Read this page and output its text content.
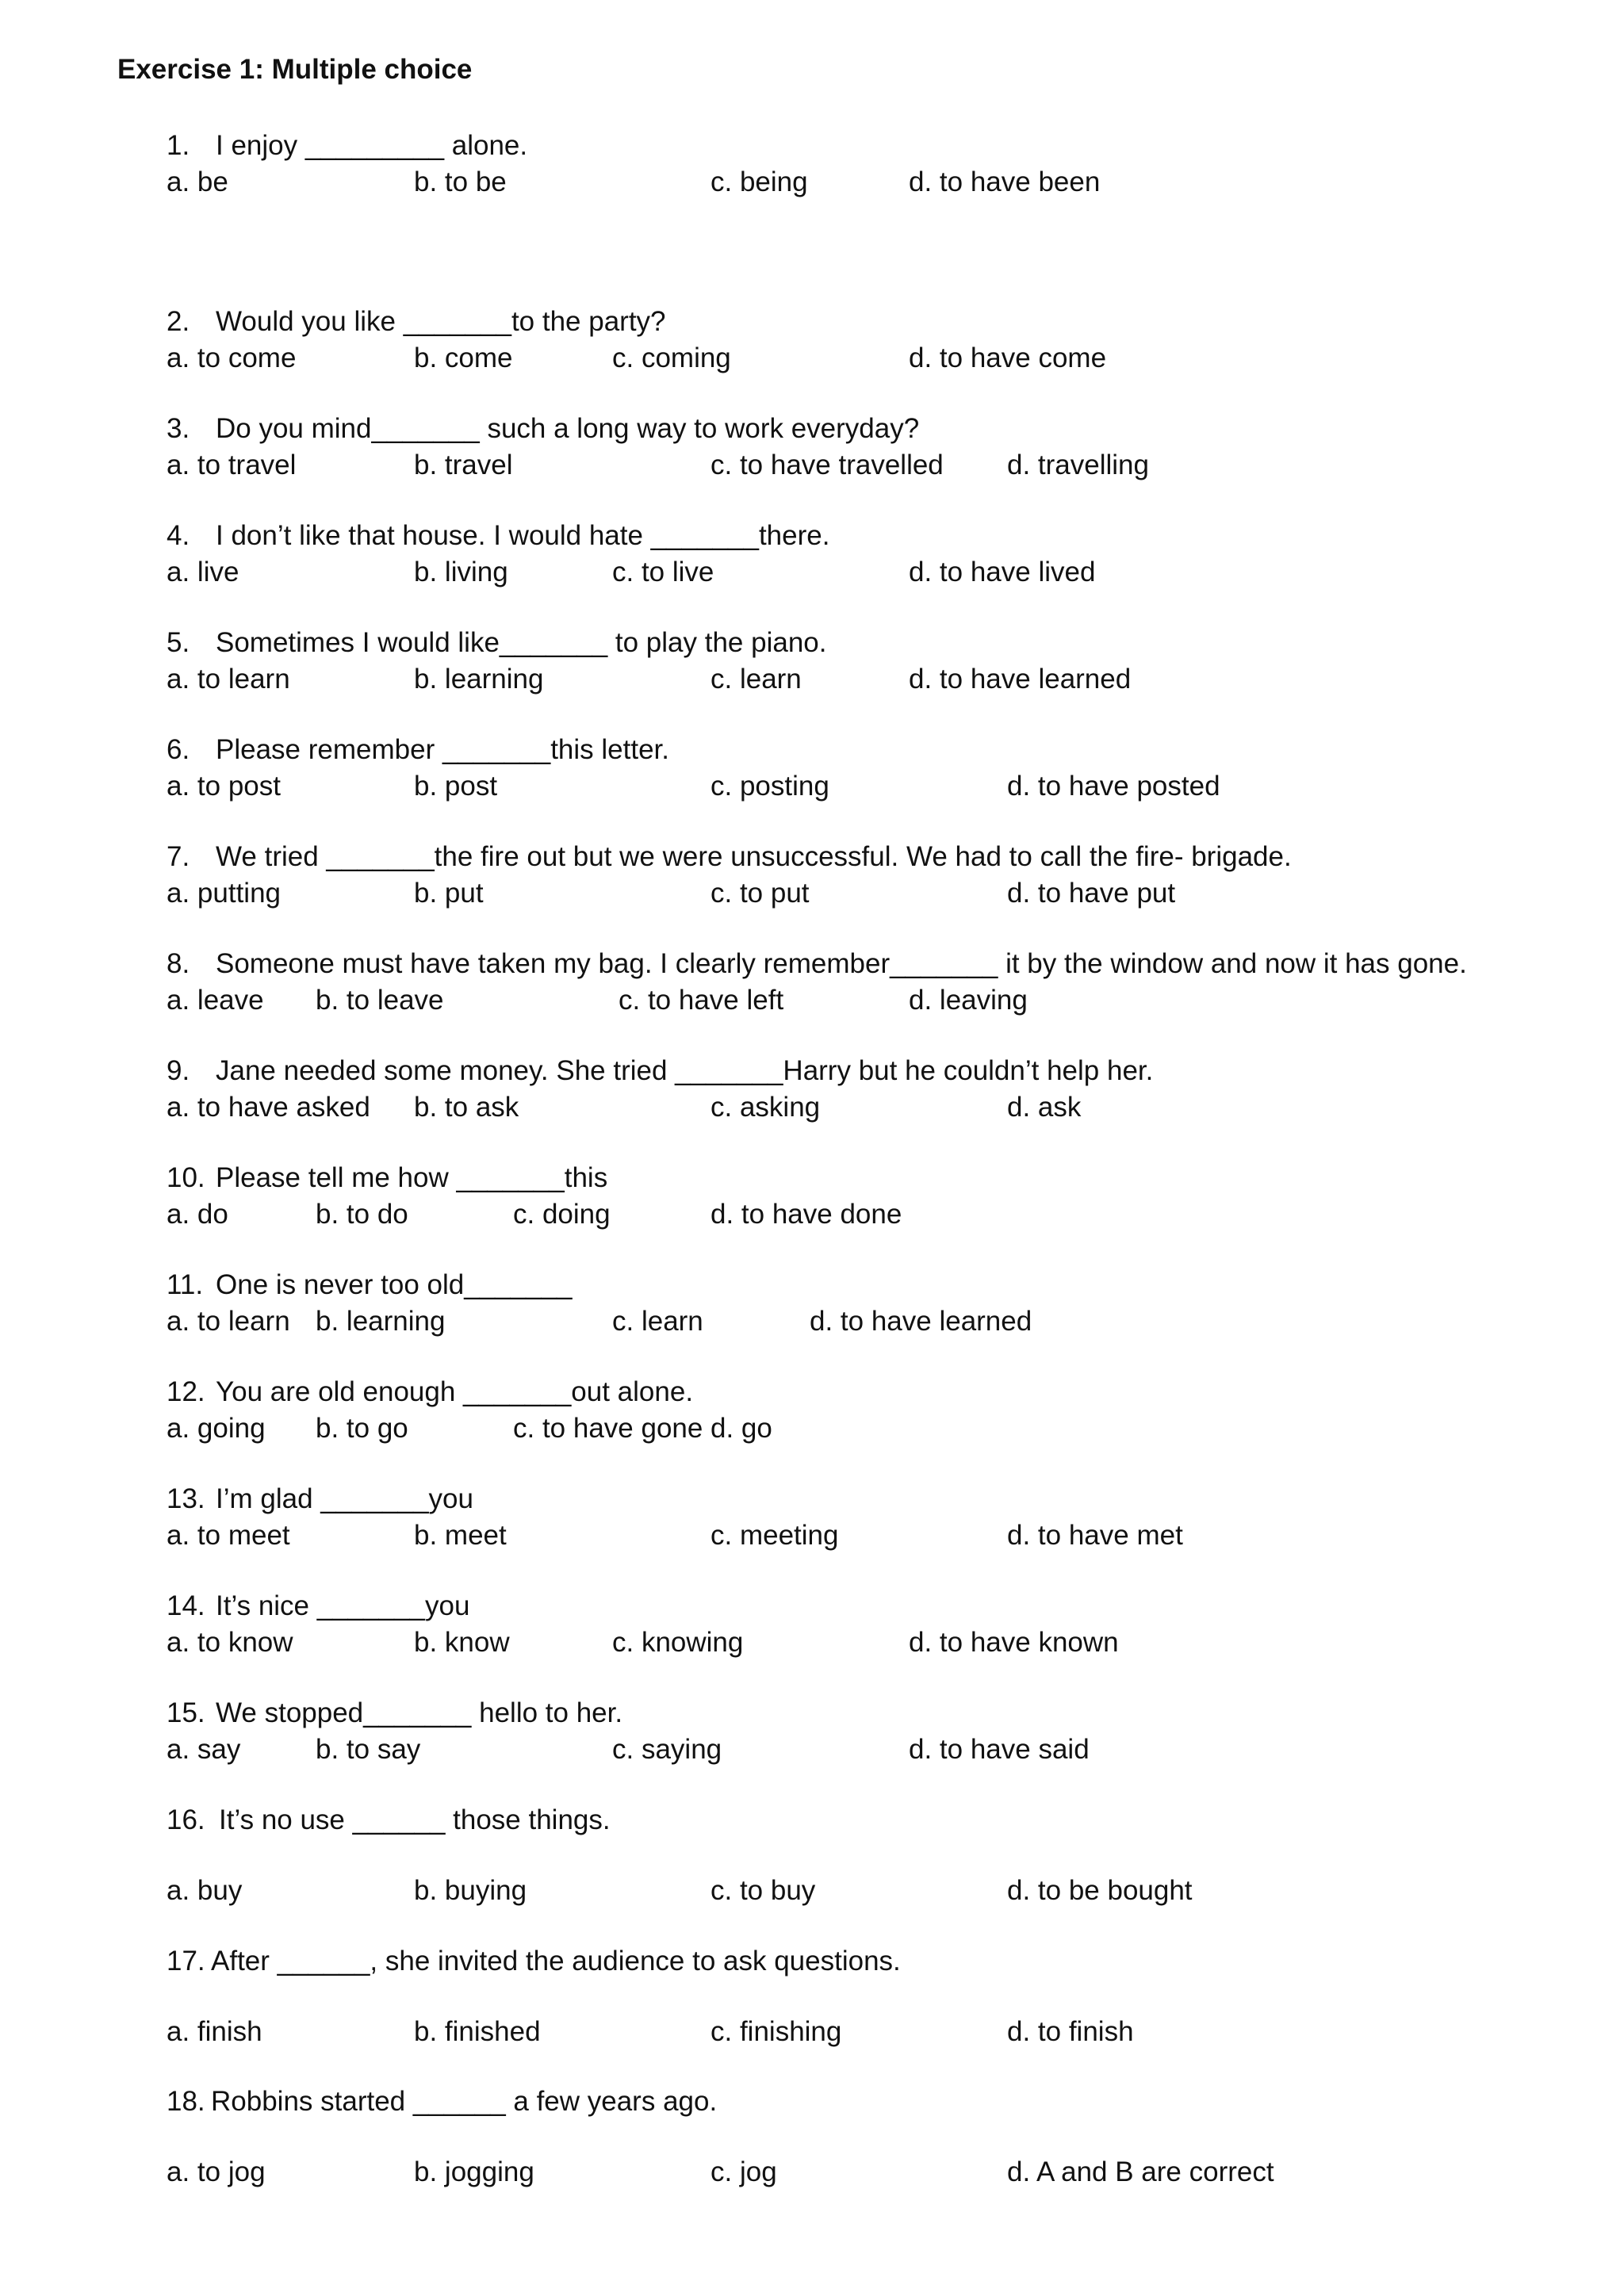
Exercise 1: Multiple choice
1. I enjoy _________ alone.
a. be	b. to be	c. being	d. to have been
2. Would you like _______to the party?
a. to come	b. come	c. coming	d. to have come
3. Do you mind_______ such a long way to work everyday?
a. to travel	b. travel	c. to have travelled d. travelling
4. I don’t like that house. I would hate _______there.
a. live	b. living	c. to live	d. to have lived
5. Sometimes I would like_______ to play the piano.
a. to learn	b. learning	c. learn	d. to have learned
6. Please remember _______this letter.
a. to post	b. post	c. posting	d. to have posted
7. We tried _______the fire out but we were unsuccessful. We had to call the fire- brigade.
a. putting	b. put	c. to put	d. to have put
8. Someone must have taken my bag. I clearly remember_______ it by the window and now it has gone.
a. leave b. to leave	c. to have left	d. leaving
9. Jane needed some money. She tried _______Harry but he couldn’t help her.
a. to have asked b. to ask	c. asking	d. ask
10. Please tell me how _______this
a. do	b. to do	c. doing	d. to have done
11. One is never too old_______
a. to learn b. learning	c. learn	d. to have learned
12. You are old enough _______out alone.
a. going b. to go	c. to have gone d. go
13. I’m glad _______you
a. to meet	b. meet	c. meeting	d. to have met
14. It’s nice _______you
a. to know	b. know	c. knowing	d. to have known
15. We stopped_______ hello to her.
a. say	b. to say	c. saying	d. to have said
16. It’s no use ______ those things.
a. buy	b. buying	c. to buy	d. to be bought
17. After ______, she invited the audience to ask questions.
a. finish	b. finished	c. finishing	d. to finish
18. Robbins started ______ a few years ago.
a. to jog	b. jogging	c. jog	d. A and B are correct
